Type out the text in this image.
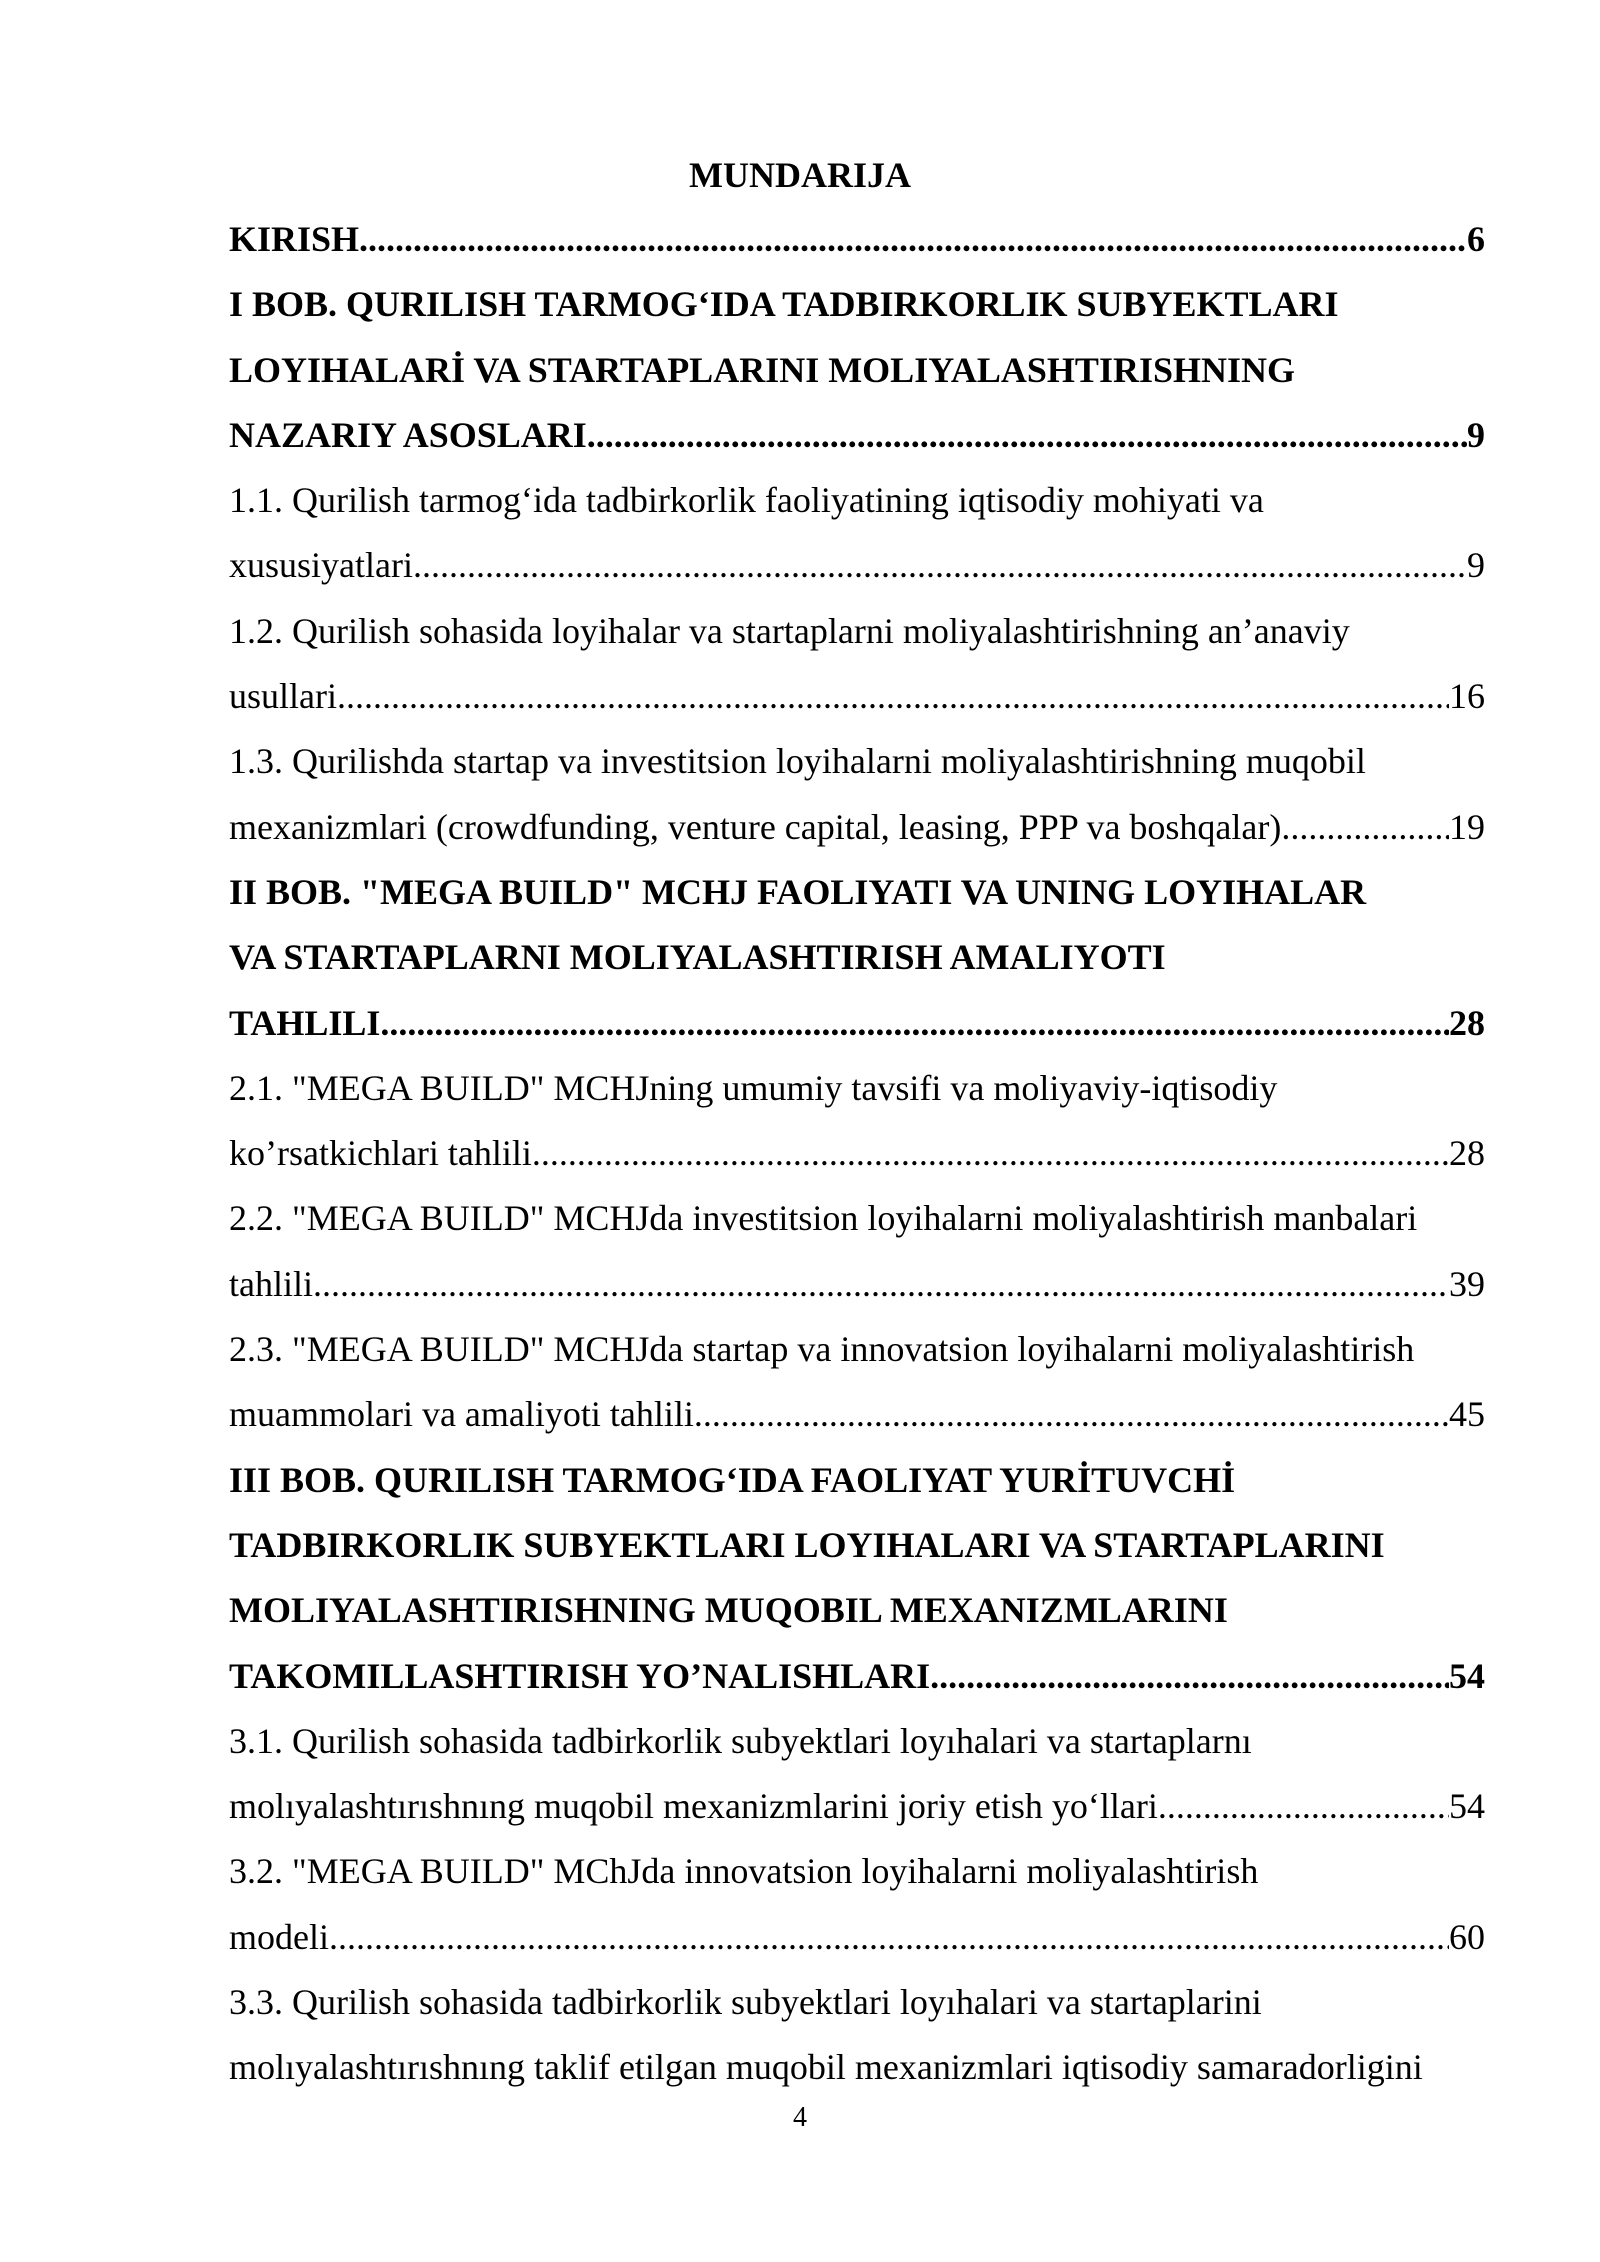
MUNDARIJA
KIRISH .....	6
I BOB. QURILISH TARMOG‘IDA TADBIRKORLIK SUBYEKTLARI
LOYIHALARİ VA STARTAPLARINI MOLIYALASHTIRISHNING
NAZARIY ASOSLARI .....	9
1.1. Qurilish tarmog‘ida tadbirkorlik faoliyatining iqtisodiy mohiyati va
xususiyatlari .....	9
1.2. Qurilish sohasida loyihalar va startaplarni moliyalashtirishning an’anaviy
usullari .....	16
1.3. Qurilishda startap va investitsion loyihalarni moliyalashtirishning muqobil
mexanizmlari (crowdfunding, venture capital, leasing, PPP va boshqalar) .....	19
II BOB. "MEGA BUILD" MCHJ FAOLIYATI VA UNING LOYIHALAR
VA STARTAPLARNI MOLIYALASHTIRISH AMALIYOTI
TAHLILI .....	28
2.1. "MEGA BUILD" MCHJning umumiy tavsifi va moliyaviy-iqtisodiy
ko’rsatkichlari tahlili .....	28
2.2. "MEGA BUILD" MCHJda investitsion loyihalarni moliyalashtirish manbalari
tahlili .....	39
2.3. "MEGA BUILD" MCHJda startap va innovatsion loyihalarni moliyalashtirish
muammolari va amaliyoti tahlili .....	45
III BOB. QURILISH TARMOG‘IDA FAOLIYAT YURİTUVCHİ
TADBIRKORLIK SUBYEKTLARI LOYIHALARI VA STARTAPLARINI
MOLIYALASHTIRISHNING MUQOBIL MEXANIZMLARINI
TAKOMILLASHTIRISH YO’NALISHLARI .....	54
3.1. Qurilish sohasida tadbirkorlik subyektlari loyıhalari va startaplarnı
molıyalashtırıshnıng muqobil mexanizmlarini joriy etish yo‘llari .....	54
3.2. "MEGA BUILD" MChJda innovatsion loyihalarni moliyalashtirish
modeli .....	60
3.3. Qurilish sohasida tadbirkorlik subyektlari loyıhalari va startaplarini
molıyalashtırıshnıng taklif etilgan muqobil mexanizmlari iqtisodiy samaradorligini
4
